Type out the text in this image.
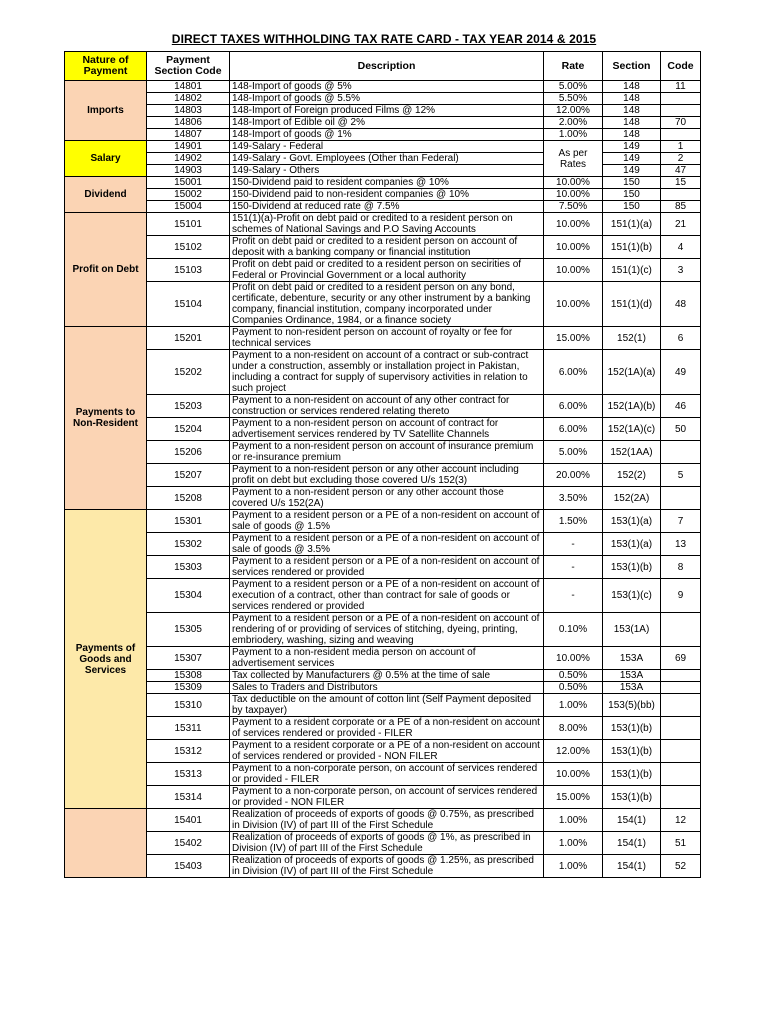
DIRECT TAXES WITHHOLDING TAX RATE CARD - TAX YEAR 2014 & 2015
Nature of Payment	Payment Section Code	Description	Rate	Section	Code
Imports	14801	148-Import of goods @ 5%	5.00%	148	11
	14802	148-Import of goods @ 5.5%	5.50%	148	
	14803	148-Import of Foreign produced Films @ 12%	12.00%	148	
	14806	148-Import of Edible oil @ 2%	2.00%	148	70
	14807	148-Import of goods @ 1%	1.00%	148	
Salary	14901	149-Salary - Federal	As per Rates	149	1
	14902	149-Salary - Govt. Employees (Other than Federal)		149	2
	14903	149-Salary - Others		149	47
Dividend	15001	150-Dividend paid to resident companies @ 10%	10.00%	150	15
	15002	150-Dividend paid to non-resident companies @ 10%	10.00%	150	
	15004	150-Dividend at reduced rate @ 7.5%	7.50%	150	85
Profit on Debt	15101	151(1)(a)-Profit on debt paid or credited to a resident person on schemes of National Savings and P.O Saving Accounts	10.00%	151(1)(a)	21
	15102	Profit on debt paid or credited to a resident person on account of deposit with a banking company or financial institution	10.00%	151(1)(b)	4
	15103	Profit on debt paid or credited to a resident person on secirities of Federal or Provincial Government or a local authority	10.00%	151(1)(c)	3
	15104	Profit on debt paid or credited to a resident person on any bond, certificate, debenture, security or any other instrument by a banking company, financial institution, company incorporated under Companies Ordinance, 1984, or a finance society	10.00%	151(1)(d)	48
Payments to Non-Resident	15201	Payment to non-resident person on account of royalty or fee for technical services	15.00%	152(1)	6
	15202	Payment to a non-resident on account of a contract or sub-contract under a construction, assembly or installation project in Pakistan, including a contract for supply of supervisory activities in relation to such project	6.00%	152(1A)(a)	49
	15203	Payment to a non-resident on account of any other contract for construction or services rendered relating thereto	6.00%	152(1A)(b)	46
	15204	Payment to a non-resident person on account of contract for advertisement services rendered by TV Satellite Channels	6.00%	152(1A)(c)	50
	15206	Payment to a non-resident person on account of insurance premium or re-insurance premium	5.00%	152(1AA)	
	15207	Payment to a non-resident person or any other account including profit on debt but excluding those covered U/s 152(3)	20.00%	152(2)	5
	15208	Payment to a non-resident person or any other account those covered U/s 152(2A)	3.50%	152(2A)	
Payments of Goods and Services	15301	Payment to a resident person or a PE of a non-resident on account of sale of goods @ 1.5%	1.50%	153(1)(a)	7
	15302	Payment to a resident person or a PE of a non-resident on account of sale of goods @ 3.5%	-	153(1)(a)	13
	15303	Payment to a resident person or a PE of a non-resident on account of services rendered or provided	-	153(1)(b)	8
	15304	Payment to a resident person or a PE of a non-resident on account of execution of a contract, other than contract for sale of goods or services rendered or provided	-	153(1)(c)	9
	15305	Payment to a resident person or a PE of a non-resident on account of rendering of or providing of services of stitching, dyeing, printing, embriodery, washing, sizing and weaving	0.10%	153(1A)	
	15307	Payment to a non-resident media person on account of advertisement services	10.00%	153A	69
	15308	Tax collected by Manufacturers @ 0.5% at the time of sale	0.50%	153A	
	15309	Sales to Traders and Distributors	0.50%	153A	
	15310	Tax deductible on the amount of cotton lint (Self Payment deposited by taxpayer)	1.00%	153(5)(bb)	
	15311	Payment to a resident corporate or a PE of a non-resident on account of services rendered or provided - FILER	8.00%	153(1)(b)	
	15312	Payment to a resident corporate or a PE of a non-resident on account of services rendered or provided - NON FILER	12.00%	153(1)(b)	
	15313	Payment to a non-corporate person, on account of services rendered or provided - FILER	10.00%	153(1)(b)	
	15314	Payment to a non-corporate person, on account of services rendered or provided - NON FILER	15.00%	153(1)(b)	
	15401	Realization of proceeds of exports of goods @ 0.75%, as prescribed in Division (IV) of part III of the First Schedule	1.00%	154(1)	12
	15402	Realization of proceeds of exports of goods @ 1%, as prescribed in Division (IV) of part III of the First Schedule	1.00%	154(1)	51
	15403	Realization of proceeds of exports of goods @ 1.25%, as prescribed in Division (IV) of part III of the First Schedule	1.00%	154(1)	52
